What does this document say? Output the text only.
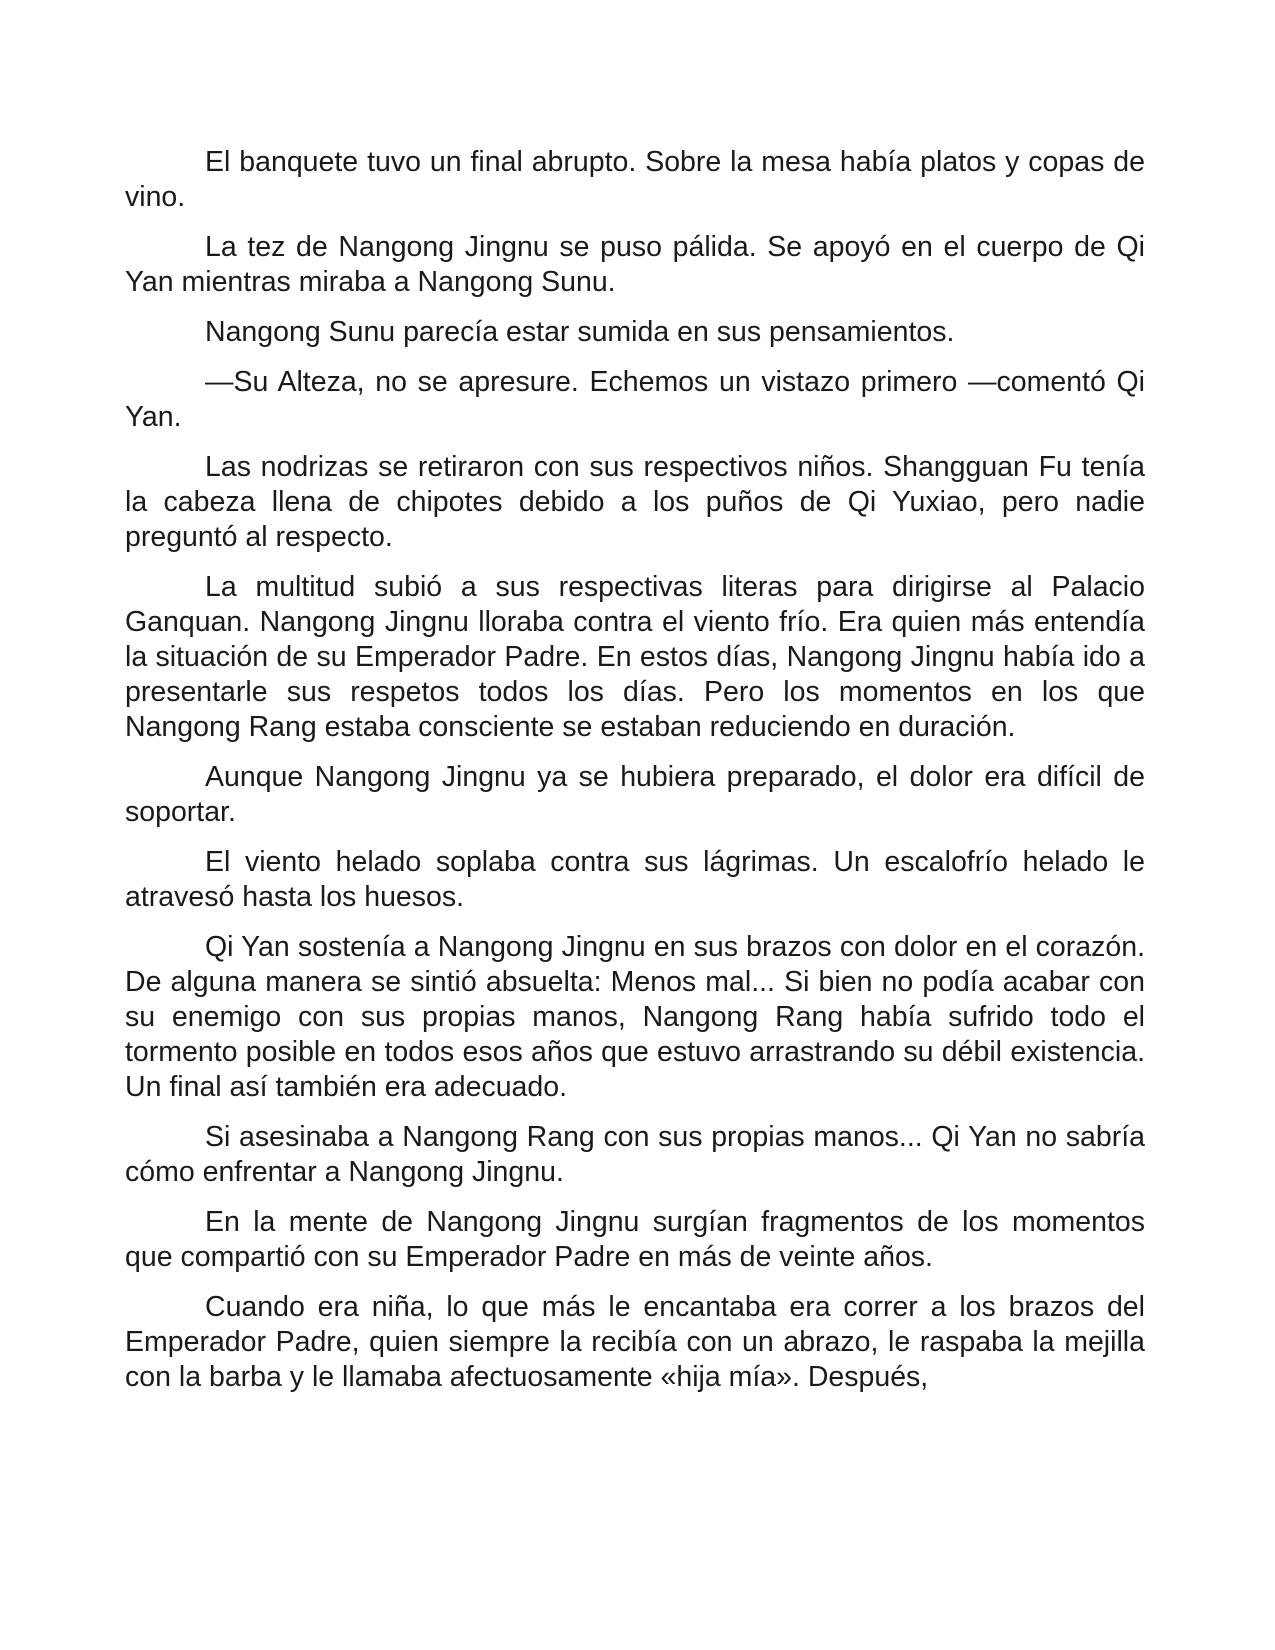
El banquete tuvo un final abrupto. Sobre la mesa había platos y copas de vino.

La tez de Nangong Jingnu se puso pálida. Se apoyó en el cuerpo de Qi Yan mientras miraba a Nangong Sunu.

Nangong Sunu parecía estar sumida en sus pensamientos.

—Su Alteza, no se apresure. Echemos un vistazo primero —comentó Qi Yan.

Las nodrizas se retiraron con sus respectivos niños. Shangguan Fu tenía la cabeza llena de chipotes debido a los puños de Qi Yuxiao, pero nadie preguntó al respecto.

La multitud subió a sus respectivas literas para dirigirse al Palacio Ganquan. Nangong Jingnu lloraba contra el viento frío. Era quien más entendía la situación de su Emperador Padre. En estos días, Nangong Jingnu había ido a presentarle sus respetos todos los días. Pero los momentos en los que Nangong Rang estaba consciente se estaban reduciendo en duración.

Aunque Nangong Jingnu ya se hubiera preparado, el dolor era difícil de soportar.

El viento helado soplaba contra sus lágrimas. Un escalofrío helado le atravesó hasta los huesos.

Qi Yan sostenía a Nangong Jingnu en sus brazos con dolor en el corazón. De alguna manera se sintió absuelta: Menos mal... Si bien no podía acabar con su enemigo con sus propias manos, Nangong Rang había sufrido todo el tormento posible en todos esos años que estuvo arrastrando su débil existencia. Un final así también era adecuado.

Si asesinaba a Nangong Rang con sus propias manos... Qi Yan no sabría cómo enfrentar a Nangong Jingnu.

En la mente de Nangong Jingnu surgían fragmentos de los momentos que compartió con su Emperador Padre en más de veinte años.

Cuando era niña, lo que más le encantaba era correr a los brazos del Emperador Padre, quien siempre la recibía con un abrazo, le raspaba la mejilla con la barba y le llamaba afectuosamente «hija mía». Después,
